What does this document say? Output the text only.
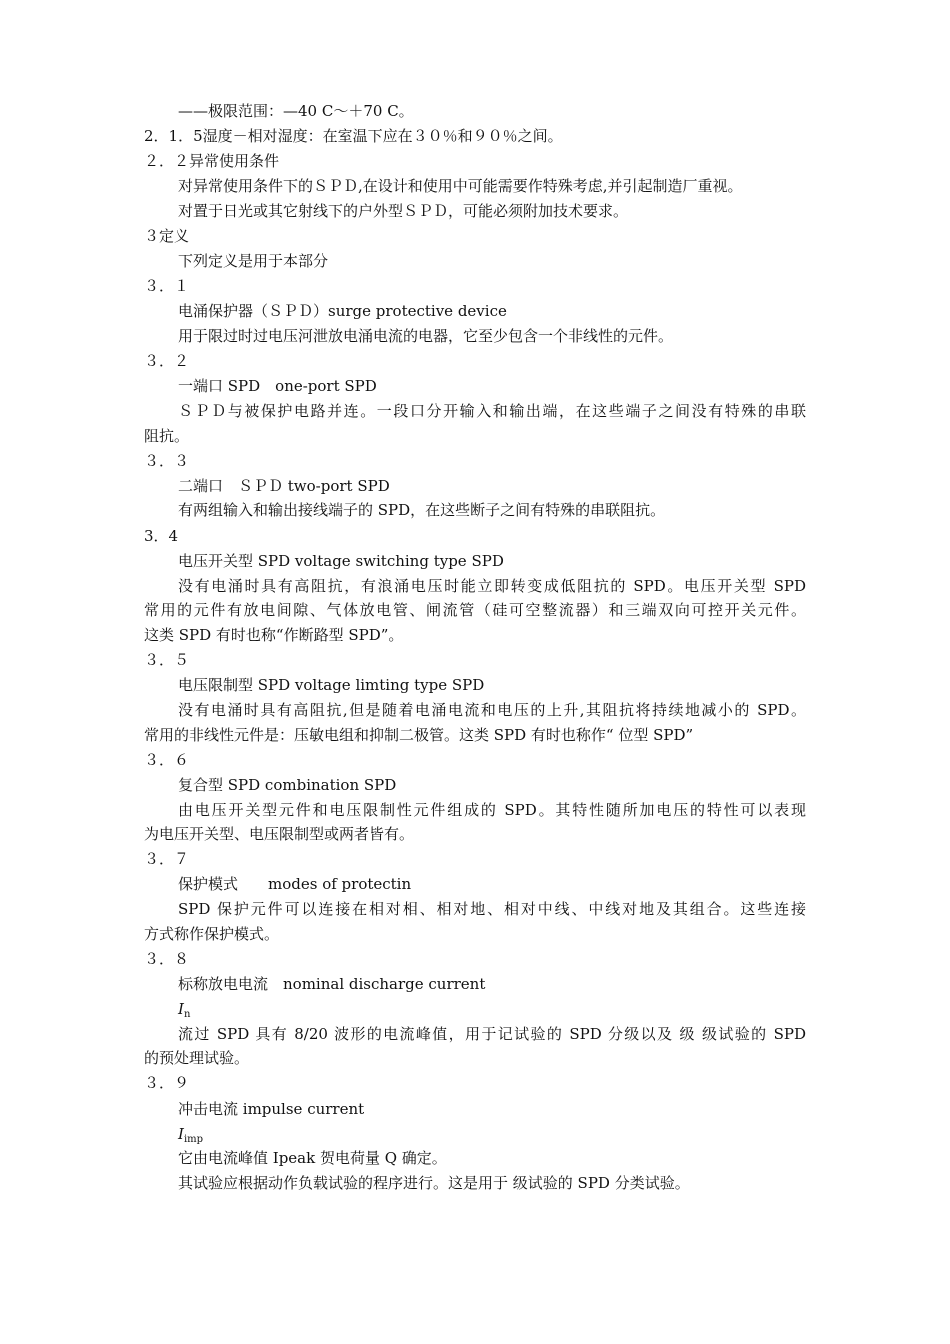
——极限范围：—40 C～＋70 C。
2．1．5湿度－相对湿度：在室温下应在３０％和９０％之间。
２．２异常使用条件
对异常使用条件下的ＳＰＤ,在设计和使用中可能需要作特殊考虑,并引起制造厂重视。
对置于日光或其它射线下的户外型ＳＰＤ，可能必须附加技术要求。
３定义
下列定义是用于本部分
３．１
电涌保护器（ＳＰＤ）surge protective device
用于限过时过电压河泄放电涌电流的电器，它至少包含一个非线性的元件。
３．２
一端口 SPD　one-port SPD
ＳＰＤ与被保护电路并连。一段口分开输入和输出端，在这些端子之间没有特殊的串联
阻抗。
３．３
二端口　ＳＰＤ two-port SPD
有两组输入和输出接线端子的 SPD，在这些断子之间有特殊的串联阻抗。
3．4
电压开关型 SPD voltage switching type SPD
没有电涌时具有高阻抗，有浪涌电压时能立即转变成低阻抗的 SPD。电压开关型 SPD
常用的元件有放电间隙、气体放电管、闸流管（硅可空整流器）和三端双向可控开关元件。
这类 SPD 有时也称“作断路型 SPD”。
３．５
电压限制型 SPD voltage limting type SPD
没有电涌时具有高阻抗,但是随着电涌电流和电压的上升,其阻抗将持续地减小的 SPD。
常用的非线性元件是：压敏电组和抑制二极管。这类 SPD 有时也称作“ 位型 SPD”
３．６
复合型 SPD combination SPD
由电压开关型元件和电压限制性元件组成的 SPD。其特性随所加电压的特性可以表现
为电压开关型、电压限制型或两者皆有。
３．７
保护模式　　modes of protectin
SPD 保护元件可以连接在相对相、相对地、相对中线、中线对地及其组合。这些连接
方式称作保护模式。
３．８
标称放电电流　nominal discharge current
$I_n$
流过 SPD 具有 8/20 波形的电流峰值，用于记试验的 SPD 分级以及 级 级试验的 SPD
的预处理试验。
３．９
冲击电流 impulse current
$I_{imp}$
它由电流峰值 Ipeak 贺电荷量 Q 确定。
其试验应根据动作负载试验的程序进行。这是用于 级试验的 SPD 分类试验。
